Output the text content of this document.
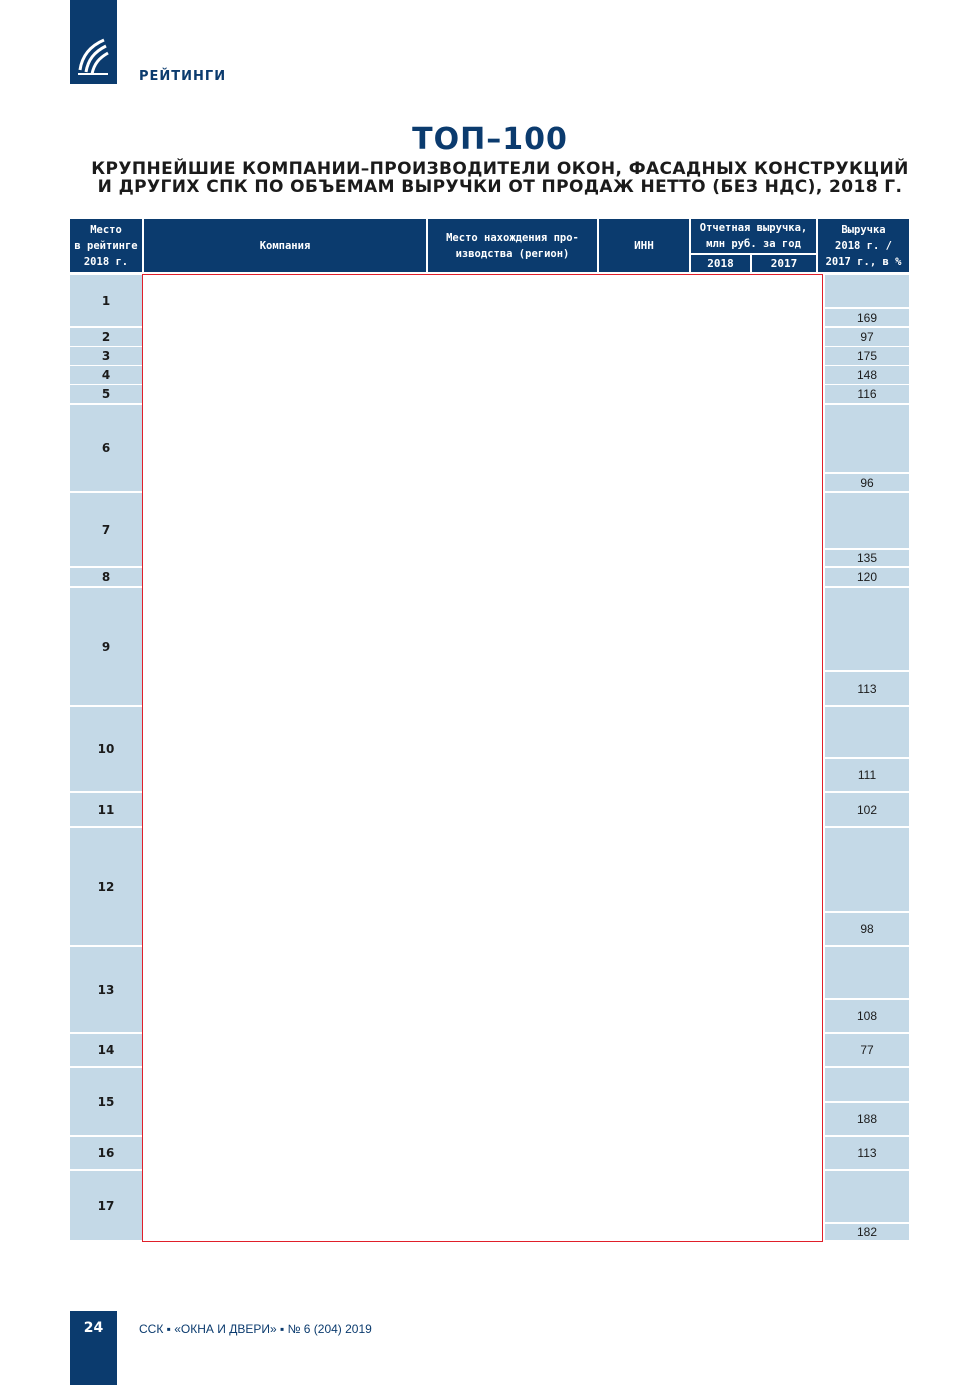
РЕЙТИНГИ
ТОП–100
КРУПНЕЙШИЕ КОМПАНИИ–ПРОИЗВОДИТЕЛИ ОКОН, ФАСАДНЫХ КОНСТРУКЦИЙ
И ДРУГИХ СПК ПО ОБЪЕМАМ ВЫРУЧКИ ОТ ПРОДАЖ НЕТТО (БЕЗ НДС), 2018 Г.
Место
в рейтинге
2018 г.
Компания
Место нахождения про-
изводства (регион)
ИНН
Отчетная выручка,
млн руб. за год
2018	2017
Выручка
2018 г. /
2017 г., в %
1
2
3
4
5
6
7
8
9
10
11
12
13
14
15
16
17
169
97
175
148
116
96
135
120
113
111
102
98
108
77
188
113
182
24	ССК ▪ «ОКНА И ДВЕРИ» ▪ № 6 (204) 2019
